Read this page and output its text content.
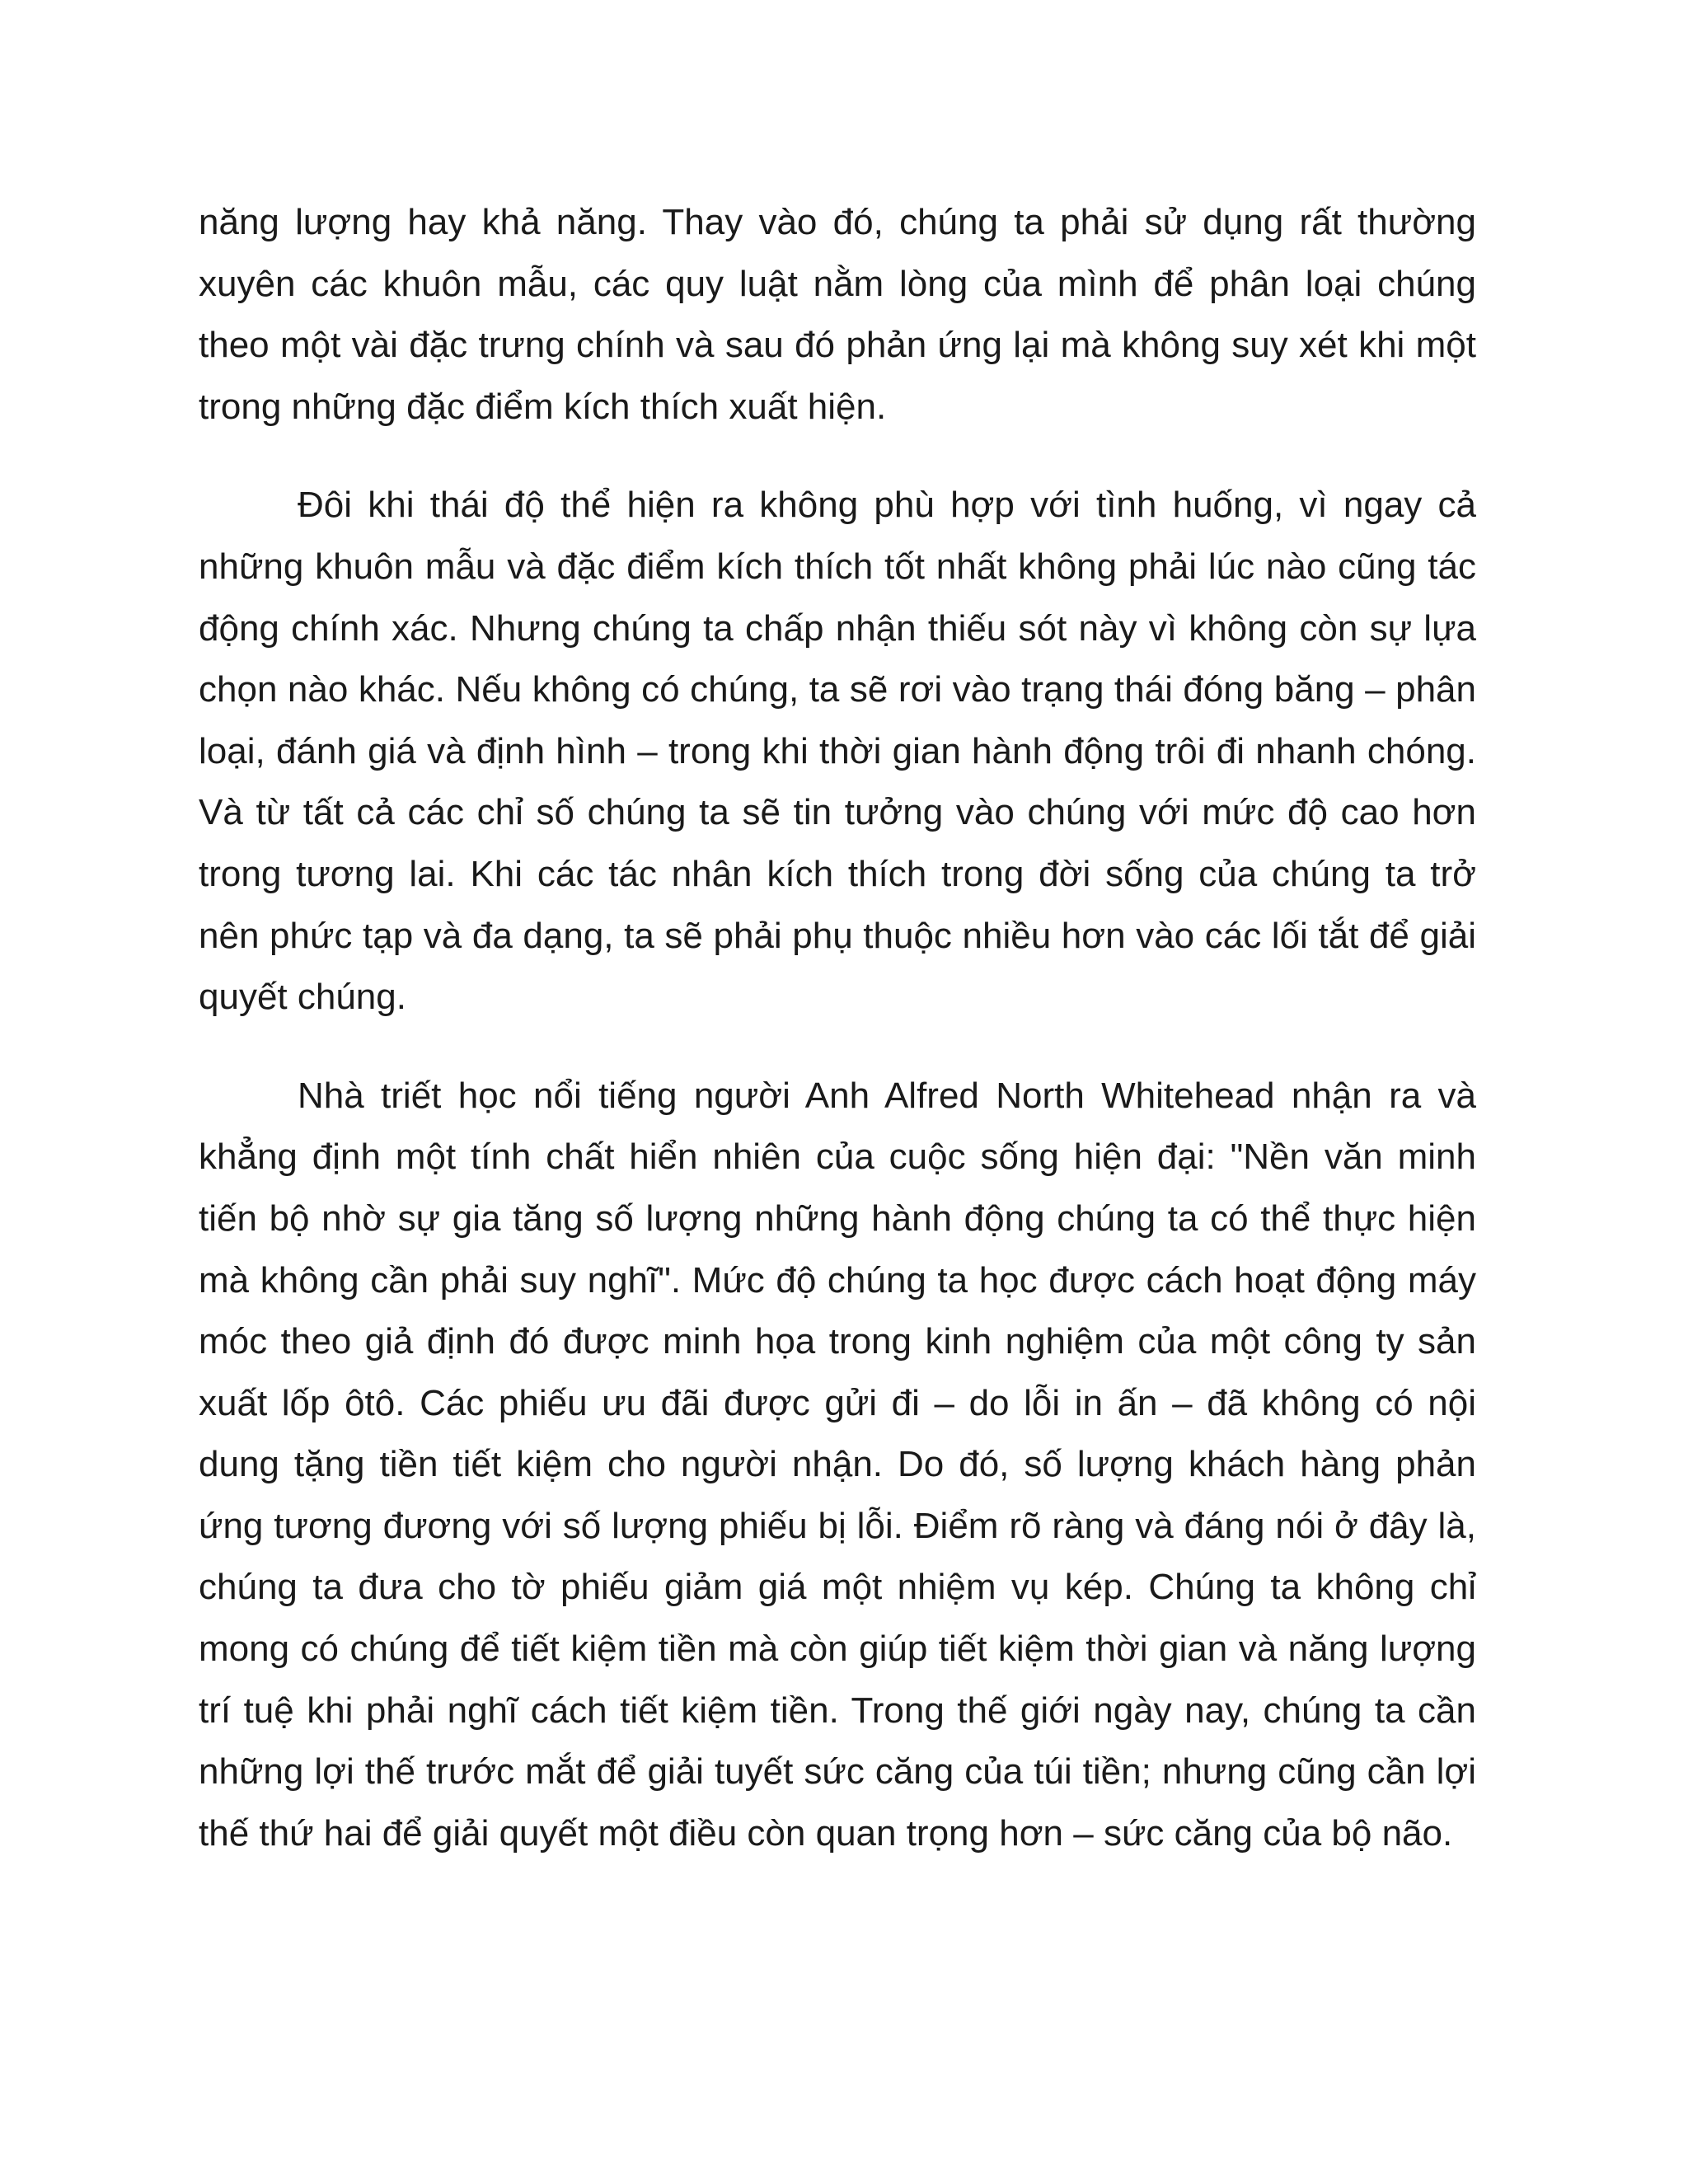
năng lượng hay khả năng. Thay vào đó, chúng ta phải sử dụng rất thường xuyên các khuôn mẫu, các quy luật nằm lòng của mình để phân loại chúng theo một vài đặc trưng chính và sau đó phản ứng lại mà không suy xét khi một trong những đặc điểm kích thích xuất hiện.

Đôi khi thái độ thể hiện ra không phù hợp với tình huống, vì ngay cả những khuôn mẫu và đặc điểm kích thích tốt nhất không phải lúc nào cũng tác động chính xác. Nhưng chúng ta chấp nhận thiếu sót này vì không còn sự lựa chọn nào khác. Nếu không có chúng, ta sẽ rơi vào trạng thái đóng băng – phân loại, đánh giá và định hình – trong khi thời gian hành động trôi đi nhanh chóng. Và từ tất cả các chỉ số chúng ta sẽ tin tưởng vào chúng với mức độ cao hơn trong tương lai. Khi các tác nhân kích thích trong đời sống của chúng ta trở nên phức tạp và đa dạng, ta sẽ phải phụ thuộc nhiều hơn vào các lối tắt để giải quyết chúng.

Nhà triết học nổi tiếng người Anh Alfred North Whitehead nhận ra và khẳng định một tính chất hiển nhiên của cuộc sống hiện đại: "Nền văn minh tiến bộ nhờ sự gia tăng số lượng những hành động chúng ta có thể thực hiện mà không cần phải suy nghĩ". Mức độ chúng ta học được cách hoạt động máy móc theo giả định đó được minh họa trong kinh nghiệm của một công ty sản xuất lốp ôtô. Các phiếu ưu đãi được gửi đi – do lỗi in ấn – đã không có nội dung tặng tiền tiết kiệm cho người nhận. Do đó, số lượng khách hàng phản ứng tương đương với số lượng phiếu bị lỗi. Điểm rõ ràng và đáng nói ở đây là, chúng ta đưa cho tờ phiếu giảm giá một nhiệm vụ kép. Chúng ta không chỉ mong có chúng để tiết kiệm tiền mà còn giúp tiết kiệm thời gian và năng lượng trí tuệ khi phải nghĩ cách tiết kiệm tiền. Trong thế giới ngày nay, chúng ta cần những lợi thế trước mắt để giải tuyết sức căng của túi tiền; nhưng cũng cần lợi thế thứ hai để giải quyết một điều còn quan trọng hơn – sức căng của bộ não.
